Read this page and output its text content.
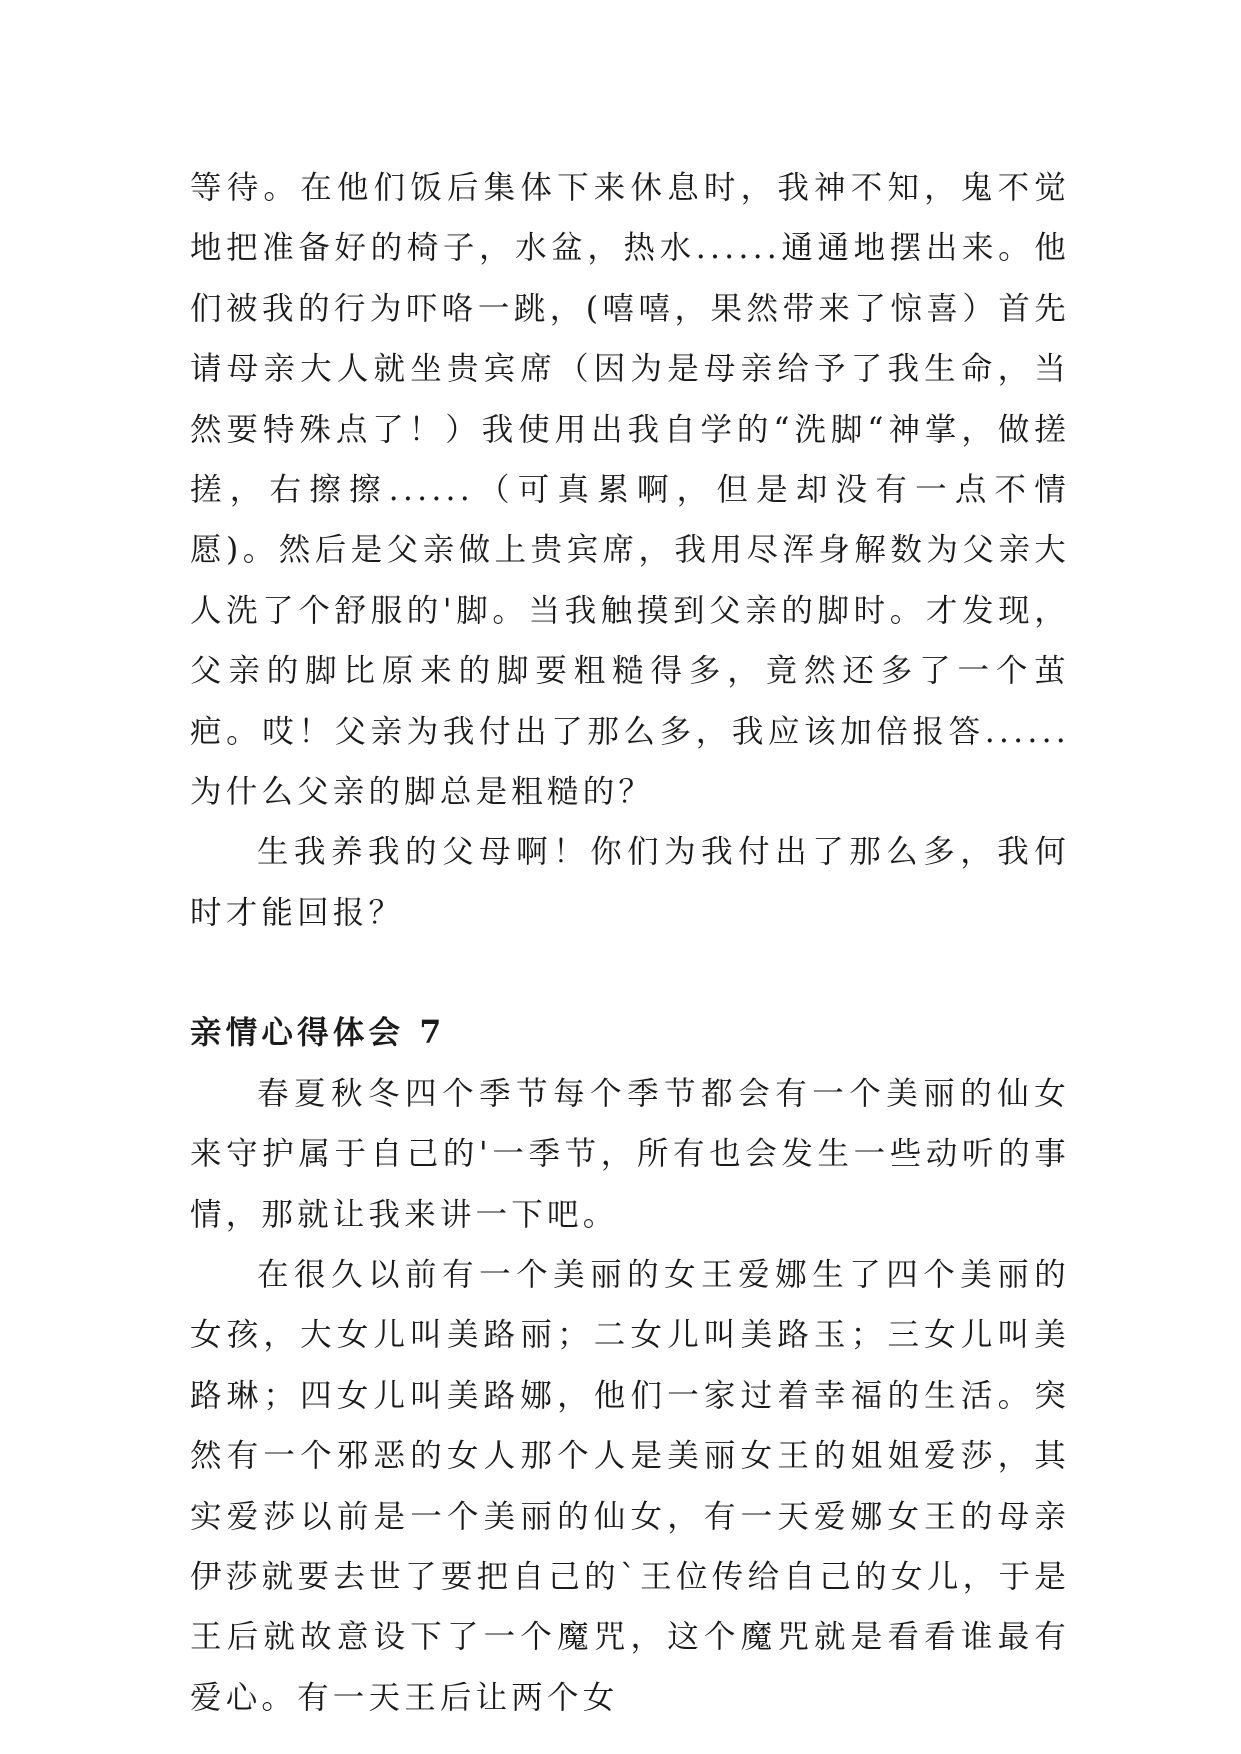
等待。在他们饭后集体下来休息时，我神不知，鬼不觉地把准备好的椅子，水盆，热水......通通地摆出来。他们被我的行为吓咯一跳，(嘻嘻，果然带来了惊喜）首先请母亲大人就坐贵宾席（因为是母亲给予了我生命，当然要特殊点了！）我使用出我自学的“洗脚“神掌，做搓搓，右擦擦......（可真累啊，但是却没有一点不情愿)。然后是父亲做上贵宾席，我用尽浑身解数为父亲大人洗了个舒服的'脚。当我触摸到父亲的脚时。才发现，父亲的脚比原来的脚要粗糙得多，竟然还多了一个茧疤。哎！父亲为我付出了那么多，我应该加倍报答......为什么父亲的脚总是粗糙的？

生我养我的父母啊！你们为我付出了那么多，我何时才能回报？

亲情心得体会 7

春夏秋冬四个季节每个季节都会有一个美丽的仙女来守护属于自己的'一季节，所有也会发生一些动听的事情，那就让我来讲一下吧。

在很久以前有一个美丽的女王爱娜生了四个美丽的女孩，大女儿叫美路丽；二女儿叫美路玉；三女儿叫美路琳；四女儿叫美路娜，他们一家过着幸福的生活。突然有一个邪恶的女人那个人是美丽女王的姐姐爱莎，其实爱莎以前是一个美丽的仙女，有一天爱娜女王的母亲伊莎就要去世了要把自己的`王位传给自己的女儿，于是王后就故意设下了一个魔咒，这个魔咒就是看看谁最有爱心。有一天王后让两个女
